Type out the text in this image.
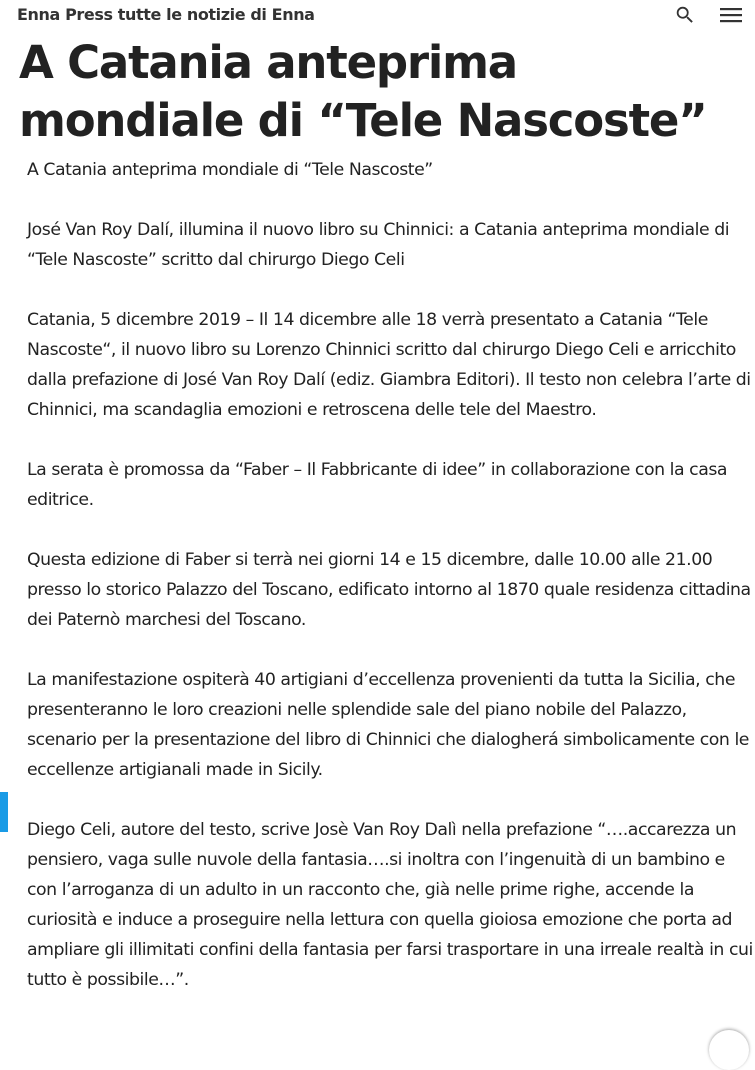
Enna Press tutte le notizie di Enna
A Catania anteprima mondiale di “Tele Nascoste”

A Catania anteprima mondiale di “Tele Nascoste”

José Van Roy Dalí, illumina il nuovo libro su Chinnici: a Catania anteprima mondiale di “Tele Nascoste” scritto dal chirurgo Diego Celi

Catania, 5 dicembre 2019 – Il 14 dicembre alle 18 verrà presentato a Catania “Tele Nascoste“, il nuovo libro su Lorenzo Chinnici scritto dal chirurgo Diego Celi e arricchito dalla prefazione di José Van Roy Dalí (ediz. Giambra Editori). Il testo non celebra l’arte di Chinnici, ma scandaglia emozioni e retroscena delle tele del Maestro.

La serata è promossa da “Faber – Il Fabbricante di idee” in collaborazione con la casa editrice.

Questa edizione di Faber si terrà nei giorni 14 e 15 dicembre, dalle 10.00 alle 21.00 presso lo storico Palazzo del Toscano, edificato intorno al 1870 quale residenza cittadina dei Paternò marchesi del Toscano.

La manifestazione ospiterà 40 artigiani d’eccellenza provenienti da tutta la Sicilia, che presenteranno le loro creazioni nelle splendide sale del piano nobile del Palazzo, scenario per la presentazione del libro di Chinnici che dialogherá simbolicamente con le eccellenze artigianali made in Sicily.

Diego Celi, autore del testo, scrive Josè Van Roy Dalì nella prefazione “….accarezza un pensiero, vaga sulle nuvole della fantasia….si inoltra con l’ingenuità di un bambino e con l’arroganza di un adulto in un racconto che, già nelle prime righe, accende la curiosità e induce a proseguire nella lettura con quella gioiosa emozione che porta ad ampliare gli illimitati confini della fantasia per farsi trasportare in una irreale realtà in cui tutto è possibile…”.
